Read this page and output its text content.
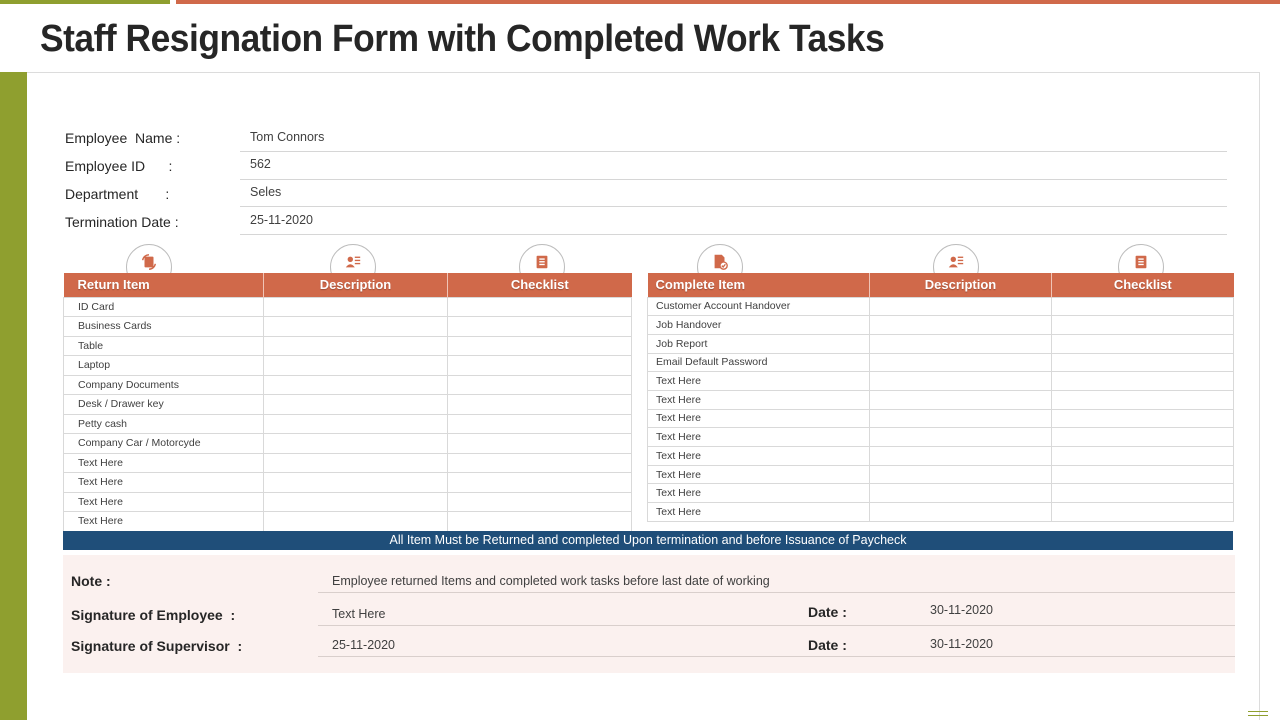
Staff Resignation Form with Completed Work Tasks
Employee  Name :	Tom Connors
Employee ID      :	562
Department       :	Seles
Termination Date :	25-11-2020
Return Item	Description	Checklist
ID Card		
Business Cards		
Table		
Laptop		
Company Documents		
Desk / Drawer key		
Petty cash		
Company Car / Motorcyde		
Text Here		
Text Here		
Text Here		
Text Here		
Complete Item	Description	Checklist
Customer Account Handover		
Job Handover		
Job Report		
Email Default Password		
Text Here		
Text Here		
Text Here		
Text Here		
Text Here		
Text Here		
Text Here		
Text Here		
All Item Must be Returned and completed Upon termination and before Issuance of Paycheck
Note :	Employee returned Items and completed work tasks before last date of working
Signature of Employee  :	Text Here	Date :	30-11-2020
Signature of Supervisor  :	25-11-2020	Date :	30-11-2020
